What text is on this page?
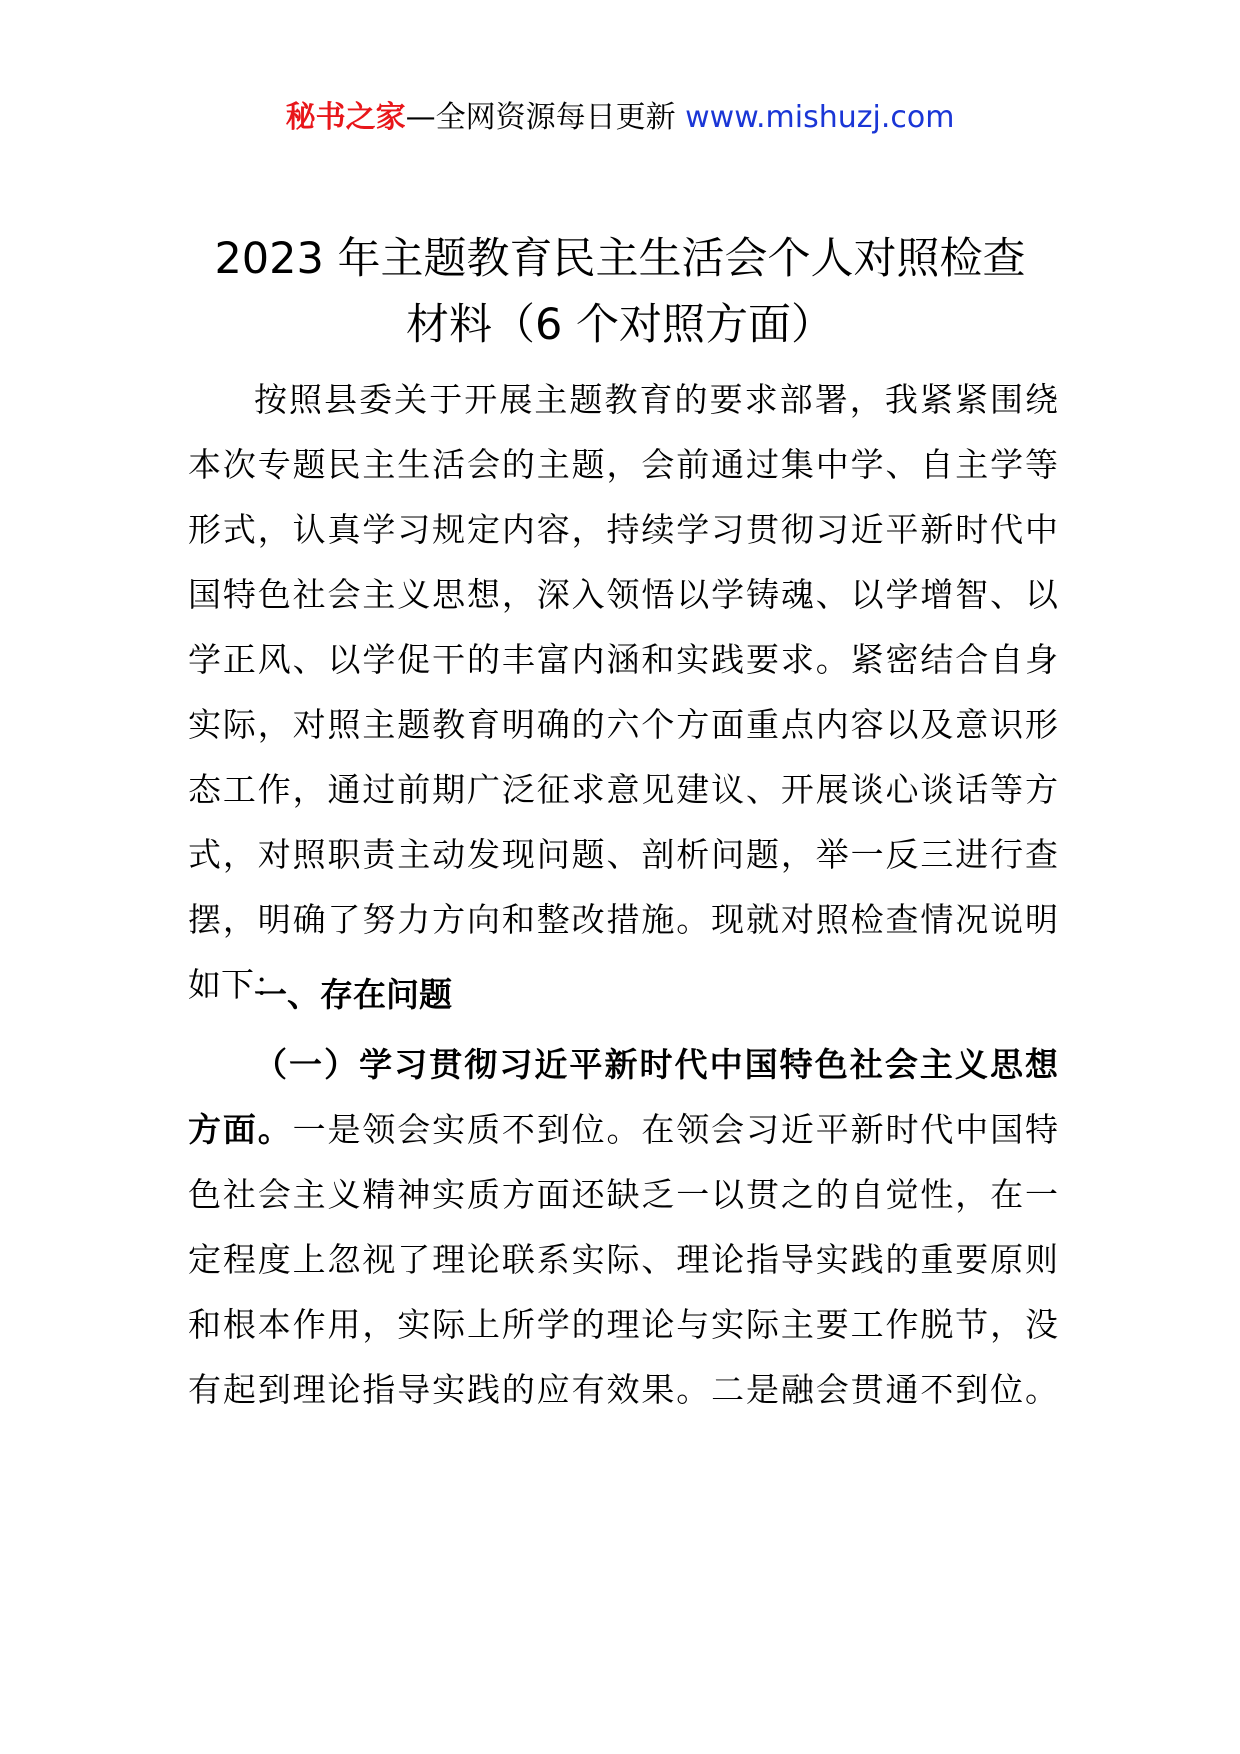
秘书之家—全网资源每日更新 www.mishuzj.com
2023 年主题教育民主生活会个人对照检查
材料（6 个对照方面）
按照县委关于开展主题教育的要求部署，我紧紧围绕
本次专题民主生活会的主题，会前通过集中学、自主学等
形式，认真学习规定内容，持续学习贯彻习近平新时代中
国特色社会主义思想，深入领悟以学铸魂、以学增智、以
学正风、以学促干的丰富内涵和实践要求。紧密结合自身
实际，对照主题教育明确的六个方面重点内容以及意识形
态工作，通过前期广泛征求意见建议、开展谈心谈话等方
式，对照职责主动发现问题、剖析问题，举一反三进行查
摆，明确了努力方向和整改措施。现就对照检查情况说明
如下：
一、存在问题
（一）学习贯彻习近平新时代中国特色社会主义思想
方面。一是领会实质不到位。在领会习近平新时代中国特
色社会主义精神实质方面还缺乏一以贯之的自觉性，在一
定程度上忽视了理论联系实际、理论指导实践的重要原则
和根本作用，实际上所学的理论与实际主要工作脱节，没
有起到理论指导实践的应有效果。二是融会贯通不到位。
